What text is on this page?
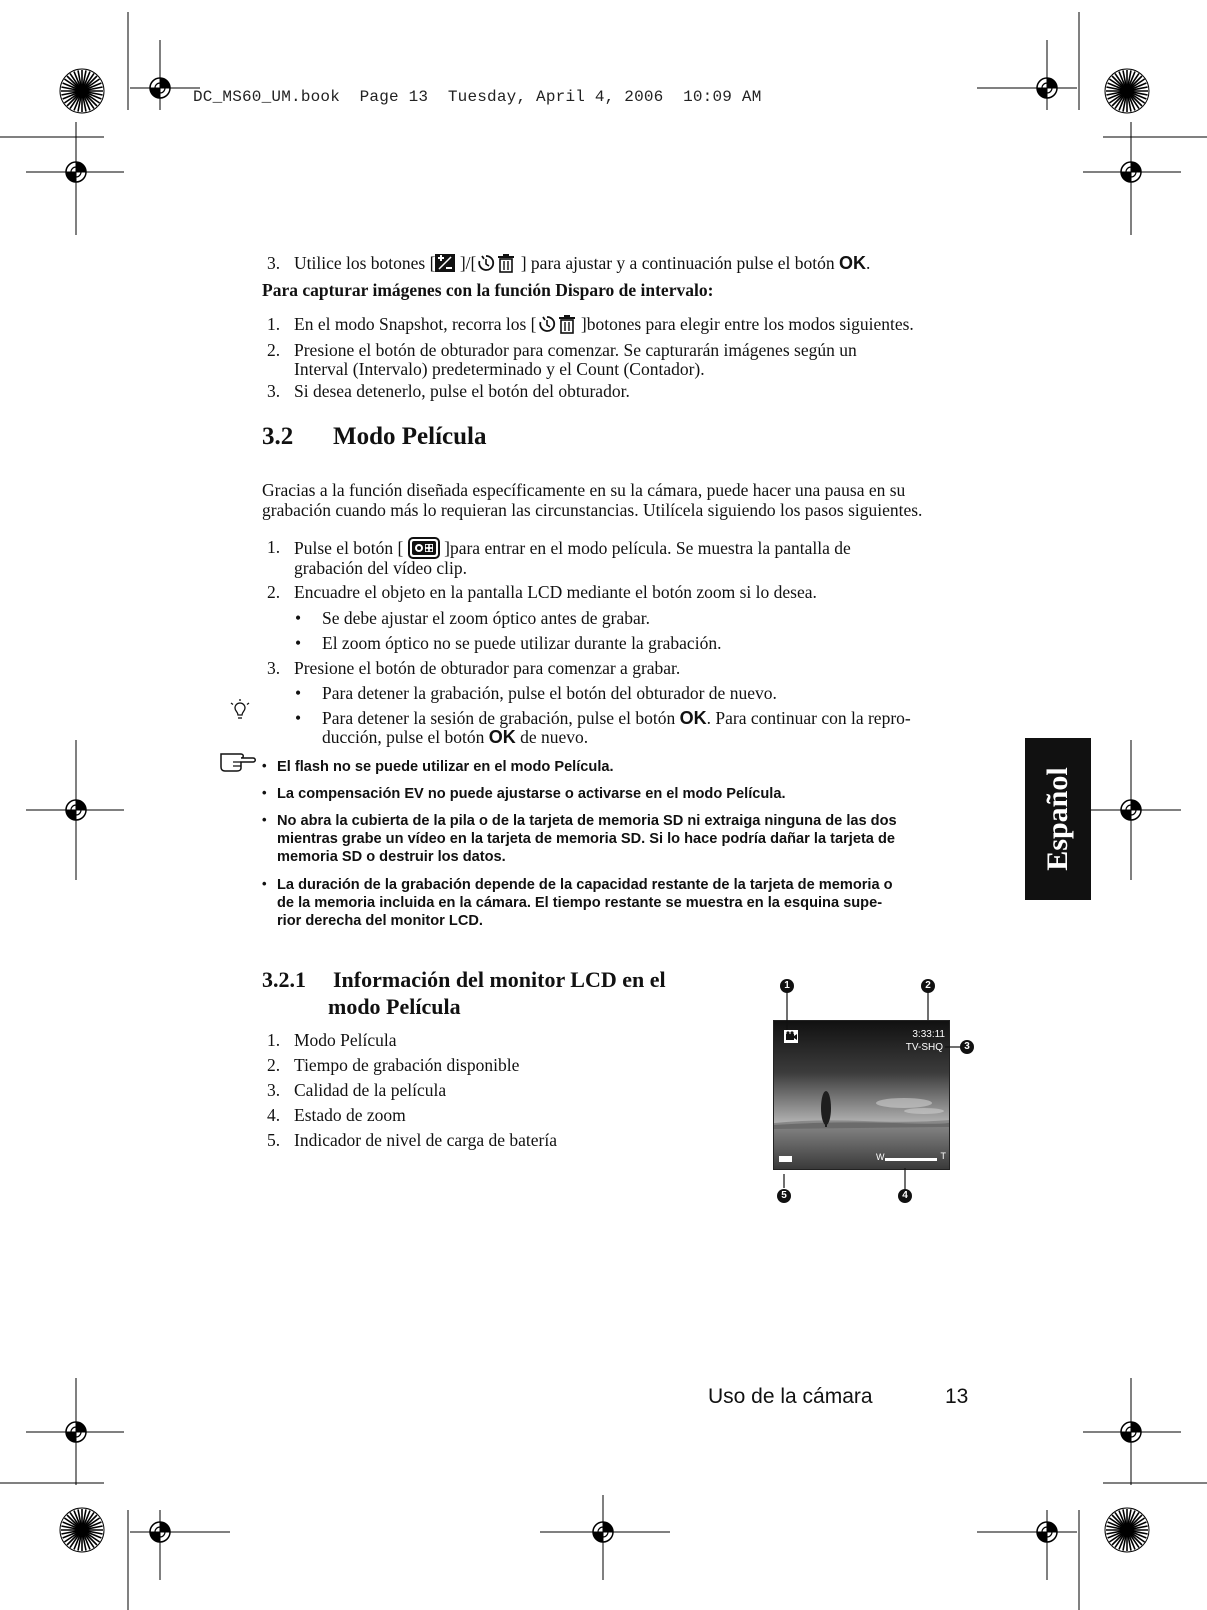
DC_MS60_UM.book  Page 13  Tuesday, April 4, 2006  10:09 AM
3. Utilice los botones [ ]/[ ] para ajustar y a continuación pulse el botón OK.
Para capturar imágenes con la función Disparo de intervalo:
1. En el modo Snapshot, recorra los [ ]botones para elegir entre los modos siguientes.
2. Presione el botón de obturador para comenzar. Se capturarán imágenes según un
Interval (Intervalo) predeterminado y el Count (Contador).
3. Si desea detenerlo, pulse el botón del obturador.
3.2 Modo Película
Gracias a la función diseñada específicamente en su la cámara, puede hacer una pausa en su
grabación cuando más lo requieran las circunstancias. Utilícela siguiendo los pasos siguientes.
1. Pulse el botón [  ]para entrar en el modo película. Se muestra la pantalla de
grabación del vídeo clip.
2. Encuadre el objeto en la pantalla LCD mediante el botón zoom si lo desea.
• Se debe ajustar el zoom óptico antes de grabar.
• El zoom óptico no se puede utilizar durante la grabación.
3. Presione el botón de obturador para comenzar a grabar.
• Para detener la grabación, pulse el botón del obturador de nuevo.
• Para detener la sesión de grabación, pulse el botón OK. Para continuar con la repro-
ducción, pulse el botón OK de nuevo.
• El flash no se puede utilizar en el modo Película.
• La compensación EV no puede ajustarse o activarse en el modo Película.
• No abra la cubierta de la pila o de la tarjeta de memoria SD ni extraiga ninguna de las dos
mientras grabe un vídeo en la tarjeta de memoria SD. Si lo hace podría dañar la tarjeta de
memoria SD o destruir los datos.
• La duración de la grabación depende de la capacidad restante de la tarjeta de memoria o
de la memoria incluida en la cámara. El tiempo restante se muestra en la esquina supe-
rior derecha del monitor LCD.
Español
3.2.1 Información del monitor LCD en el
modo Película
1. Modo Película
2. Tiempo de grabación disponible
3. Calidad de la película
4. Estado de zoom
5. Indicador de nivel de carga de batería
3:33:11
TV-SHQ
W	T
1	2
3
4
5
Uso de la cámara	13
